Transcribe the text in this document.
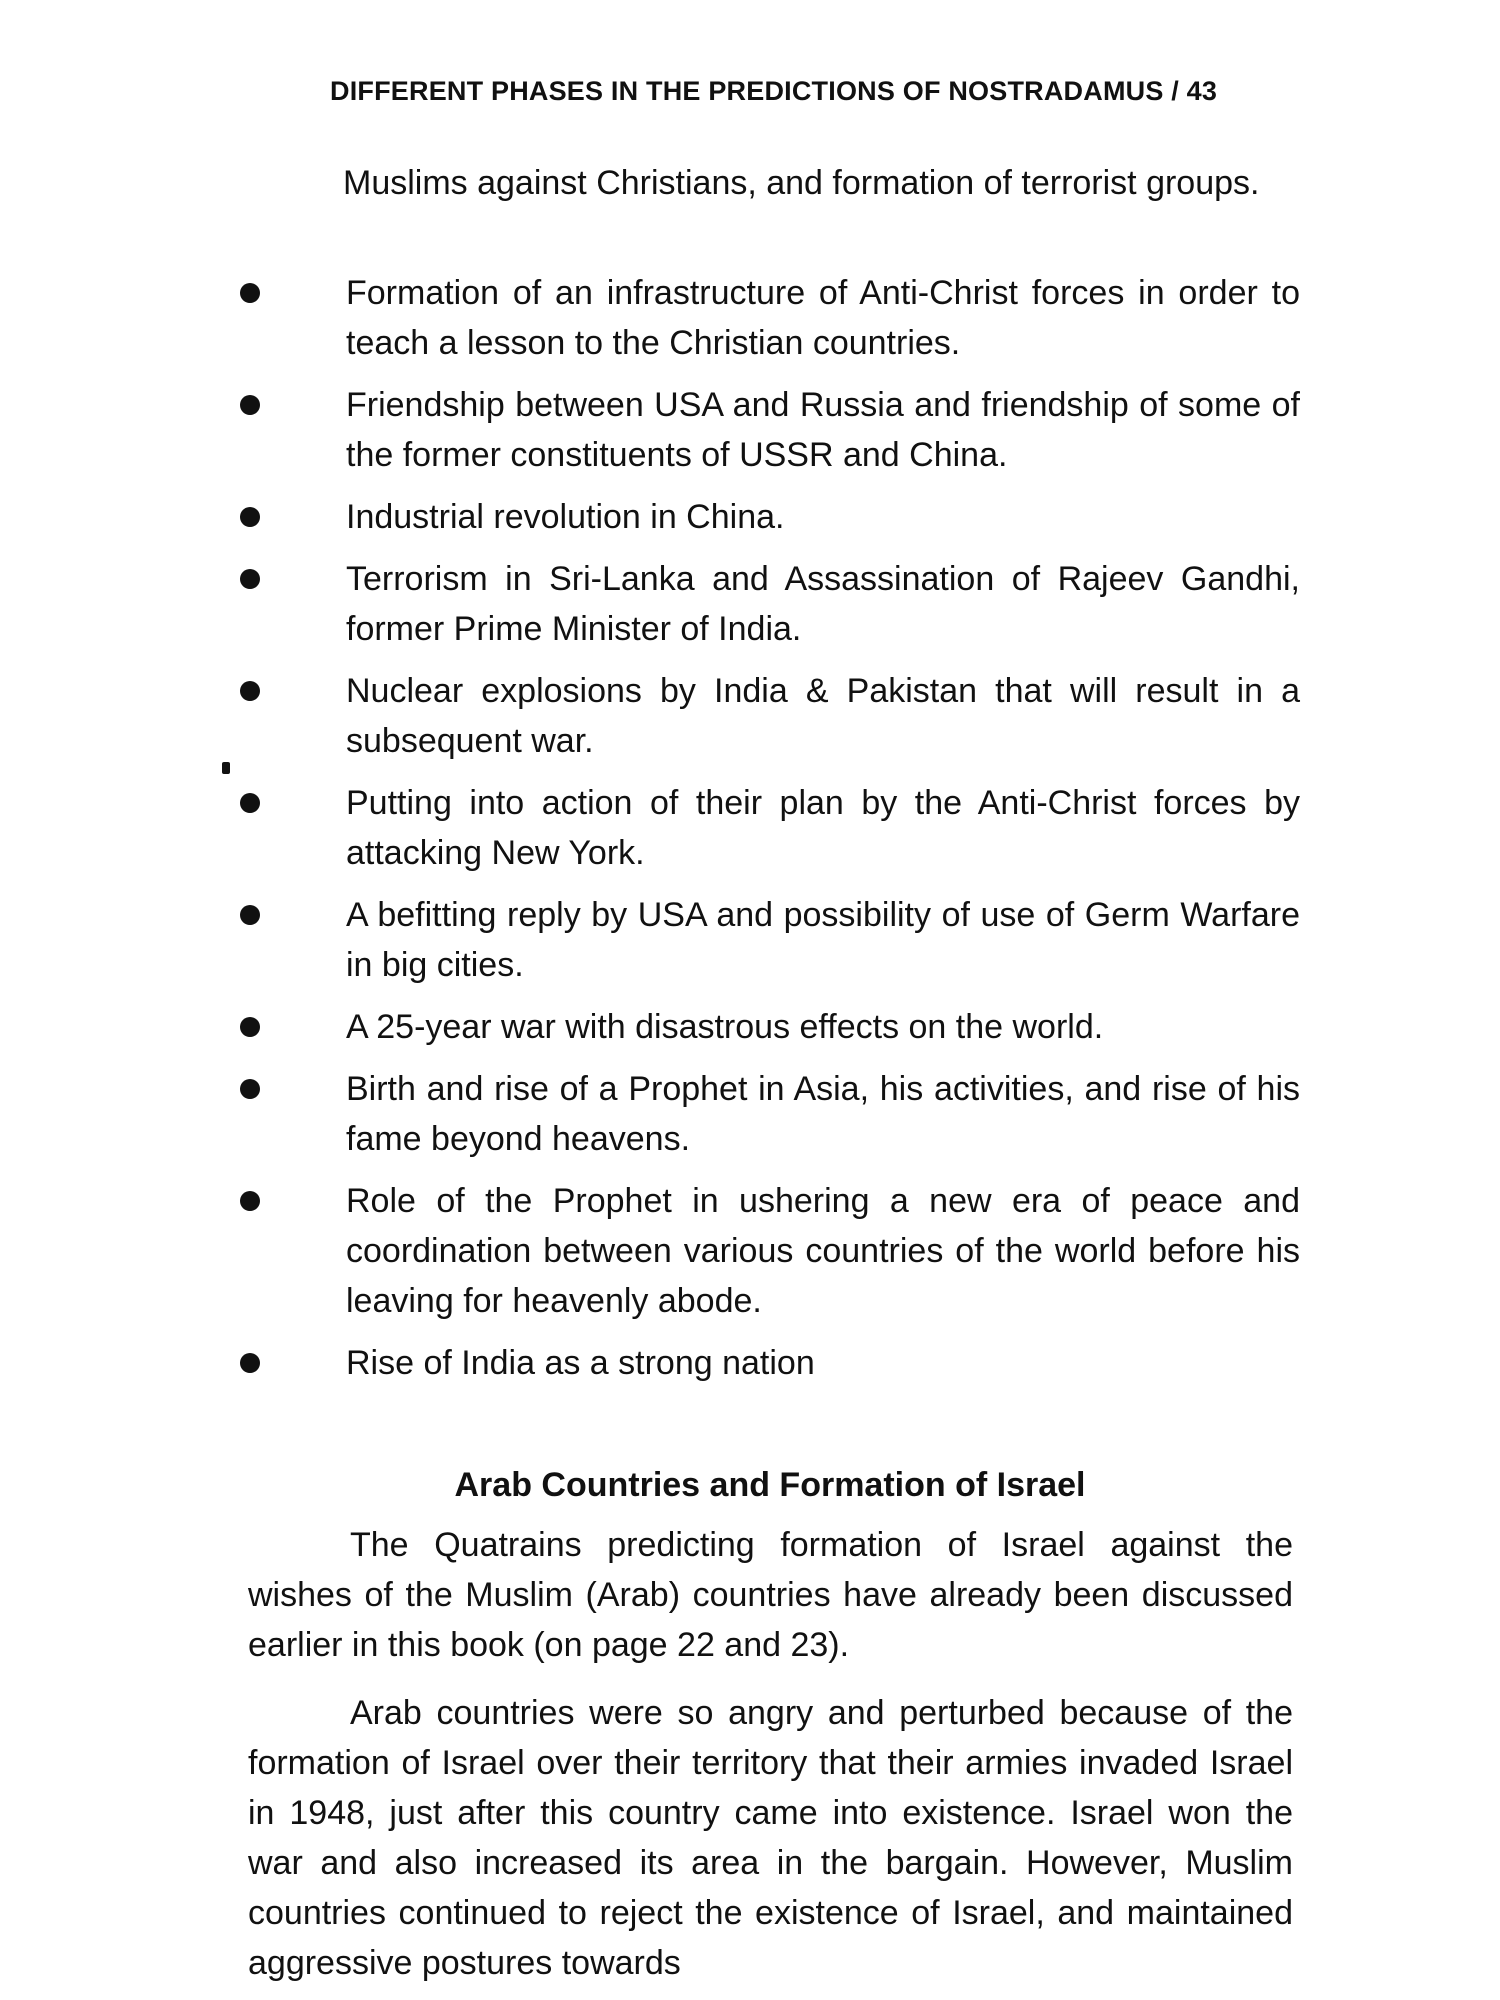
DIFFERENT PHASES IN THE PREDICTIONS OF NOSTRADAMUS / 43
Muslims against Christians, and formation of terrorist groups.
Formation of an infrastructure of Anti-Christ forces in order to teach a lesson to the Christian countries.
Friendship between USA and Russia and friendship of some of the former constituents of USSR and China.
Industrial revolution in China.
Terrorism in Sri-Lanka and Assassination of Rajeev Gandhi, former Prime Minister of India.
Nuclear explosions by India & Pakistan that will result in a subsequent war.
Putting into action of their plan by the Anti-Christ forces by attacking New York.
A befitting reply by USA and possibility of use of Germ Warfare in big cities.
A 25-year war with disastrous effects on the world.
Birth and rise of a Prophet in Asia, his activities, and rise of his fame beyond heavens.
Role of the Prophet in ushering a new era of peace and coordination between various countries of the world before his leaving for heavenly abode.
Rise of India as a strong nation
Arab Countries and Formation of Israel

The Quatrains predicting formation of Israel against the wishes of the Muslim (Arab) countries have already been discussed earlier in this book (on page 22 and 23).

Arab countries were so angry and perturbed because of the formation of Israel over their territory that their armies invaded Israel in 1948, just after this country came into existence. Israel won the war and also increased its area in the bargain. However, Muslim countries continued to reject the existence of Israel, and maintained aggressive postures towards
